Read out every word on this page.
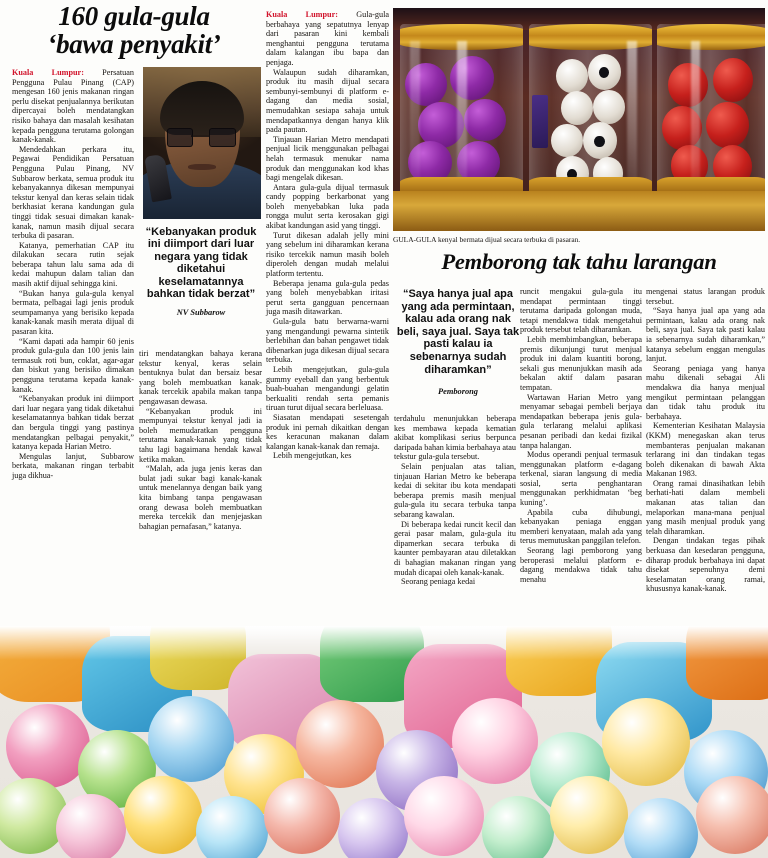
160 gula-gula
‘bawa penyakit’
“Kebanyakan produk ini diimport dari luar negara yang tidak diketahui keselamatannya bahkan tidak berzat”
NV Subbarow

Kuala Lumpur: Persatuan Pengguna Pulau Pinang (CAP) mengesan 160 jenis makanan ringan perlu disekat penjualannya berikutan dipercayai boleh mendatangkan risiko bahaya dan masalah kesihatan kepada pengguna terutama golongan kanak-kanak.

Mendedahkan perkara itu, Pegawai Pendidikan Persatuan Pengguna Pulau Pinang, NV Subbarow berkata, semua produk itu kebanyakannya dikesan mempunyai tekstur kenyal dan keras selain tidak berkhasiat kerana kandungan gula tinggi tidak sesuai dimakan kanak-kanak, namun masih dijual secara terbuka di pasaran.

Katanya, pemerhatian CAP itu dilakukan secara rutin sejak beberapa tahun lalu sama ada di kedai mahupun dalam talian dan masih aktif dijual sehingga kini.

“Bukan hanya gula-gula kenyal bermata, pelbagai lagi jenis produk seumpamanya yang berisiko kepada kanak-kanak masih merata dijual di pasaran kita.

“Kami dapati ada hampir 60 jenis produk gula-gula dan 100 jenis lain termasuk roti bun, coklat, agar-agar dan biskut yang berisiko dimakan pengguna terutama kepada kanak-kanak.

“Kebanyakan produk ini diimport dari luar negara yang tidak diketahui keselamatannya bahkan tidak berzat dan bergula tinggi yang pastinya mendatangkan pelbagai penyakit,” katanya kepada Harian Metro.

Mengulas lanjut, Subbarow berkata, makanan ringan terbabit juga dikhua-

tiri mendatangkan bahaya kerana tekstur kenyal, keras selain bentuknya bulat dan bersaiz besar yang boleh membuatkan kanak-kanak tercekik apabila makan tanpa pengawasan dewasa.

“Kebanyakan produk ini mempunyai tekstur kenyal jadi ia boleh memudaratkan pengguna terutama kanak-kanak yang tidak tahu lagi bagaimana hendak kawal ketika makan.

“Malah, ada juga jenis keras dan bulat jadi sukar bagi kanak-kanak untuk menelannya dengan baik yang kita bimbang tanpa pengawasan orang dewasa boleh membuatkan mereka tercekik dan menjejaskan bahagian pernafasan,” katanya.

Kuala Lumpur: Gula-gula berbahaya yang sepatutnya lenyap dari pasaran kini kembali menghantui pengguna terutama dalam kalangan ibu bapa dan penjaga.

Walaupun sudah diharamkan, produk itu masih dijual secara sembunyi-sembunyi di platform e-dagang dan media sosial, memudahkan sesiapa sahaja untuk mendapatkannya dengan hanya klik pada pautan.

Tinjauan Harian Metro mendapati penjual licik menggunakan pelbagai helah termasuk menukar nama produk dan menggunakan kod khas bagi mengelak dikesan.

Antara gula-gula dijual termasuk candy popping berkarbonat yang boleh menyebabkan luka pada rongga mulut serta kerosakan gigi akibat kandungan asid yang tinggi.

Turut dikesan adalah jelly mini yang sebelum ini diharamkan kerana risiko tercekik namun masih boleh diperoleh dengan mudah melalui platform tertentu.

Beberapa jenama gula-gula pedas yang boleh menyebabkan iritasi perut serta gangguan pencernaan juga masih ditawarkan.

Gula-gula batu berwarna-warni yang mengandungi pewarna sintetik berlebihan dan bahan pengawet tidak dibenarkan juga dikesan dijual secara terbuka.

Lebih mengejutkan, gula-gula gummy eyeball dan yang berbentuk buah-buahan mengandungi gelatin berkualiti rendah serta pemanis tiruan turut dijual secara berleluasa.

Siasatan mendapati sesetengah produk ini pernah dikaitkan dengan kes keracunan makanan dalam kalangan kanak-kanak dan remaja.

Lebih mengejutkan, kes

GULA-GULA kenyal bermata dijual secara terbuka di pasaran.
Pemborong tak tahu larangan
“Saya hanya jual apa yang ada permintaan, kalau ada orang nak beli, saya jual. Saya tak pasti kalau ia sebenarnya sudah diharamkan”
Pemborong

terdahulu menunjukkan beberapa kes membawa kepada kematian akibat komplikasi serius berpunca daripada bahan kimia berbahaya atau tekstur gula-gula tersebut.

Selain penjualan atas talian, tinjauan Harian Metro ke beberapa kedai di sekitar ibu kota mendapati beberapa premis masih menjual gula-gula itu secara terbuka tanpa sebarang kawalan.

Di beberapa kedai runcit kecil dan gerai pasar malam, gula-gula itu dipamerkan secara terbuka di kaunter pembayaran atau diletakkan di bahagian makanan ringan yang mudah dicapai oleh kanak-kanak.

Seorang peniaga kedai

runcit mengakui gula-gula itu mendapat permintaan tinggi terutama daripada golongan muda, tetapi mendakwa tidak mengetahui produk tersebut telah diharamkan.

Lebih membimbangkan, beberapa premis dikunjungi turut menjual produk ini dalam kuantiti borong, sekali gus menunjukkan masih ada bekalan aktif dalam pasaran tempatan.

Wartawan Harian Metro yang menyamar sebagai pembeli berjaya mendapatkan beberapa jenis gula-gula terlarang melalui aplikasi pesanan peribadi dan kedai fizikal tanpa halangan.

Modus operandi penjual termasuk menggunakan platform e-dagang terkenal, siaran langsung di media sosial, serta penghantaran menggunakan perkhidmatan ‘beg kuning’.

Apabila cuba dihubungi, kebanyakan peniaga enggan memberi kenyataan, malah ada yang terus memutuskan panggilan telefon.

Seorang lagi pemborong yang beroperasi melalui platform e-dagang mendakwa tidak tahu menahu

mengenai status larangan produk tersebut.

“Saya hanya jual apa yang ada permintaan, kalau ada orang nak beli, saya jual. Saya tak pasti kalau ia sebenarnya sudah diharamkan,” katanya sebelum enggan mengulas lanjut.

Seorang peniaga yang hanya mahu dikenali sebagai Ali mendakwa dia hanya menjual mengikut permintaan pelanggan dan tidak tahu produk itu berbahaya.

Kementerian Kesihatan Malaysia (KKM) menegaskan akan terus membanteras penjualan makanan terlarang ini dan tindakan tegas boleh dikenakan di bawah Akta Makanan 1983.

Orang ramai dinasihatkan lebih berhati-hati dalam membeli makanan atas talian dan melaporkan mana-mana penjual yang masih menjual produk yang telah diharamkan.

Dengan tindakan tegas pihak berkuasa dan kesedaran pengguna, diharap produk berbahaya ini dapat disekat sepenuhnya demi keselamatan orang ramai, khususnya kanak-kanak.
